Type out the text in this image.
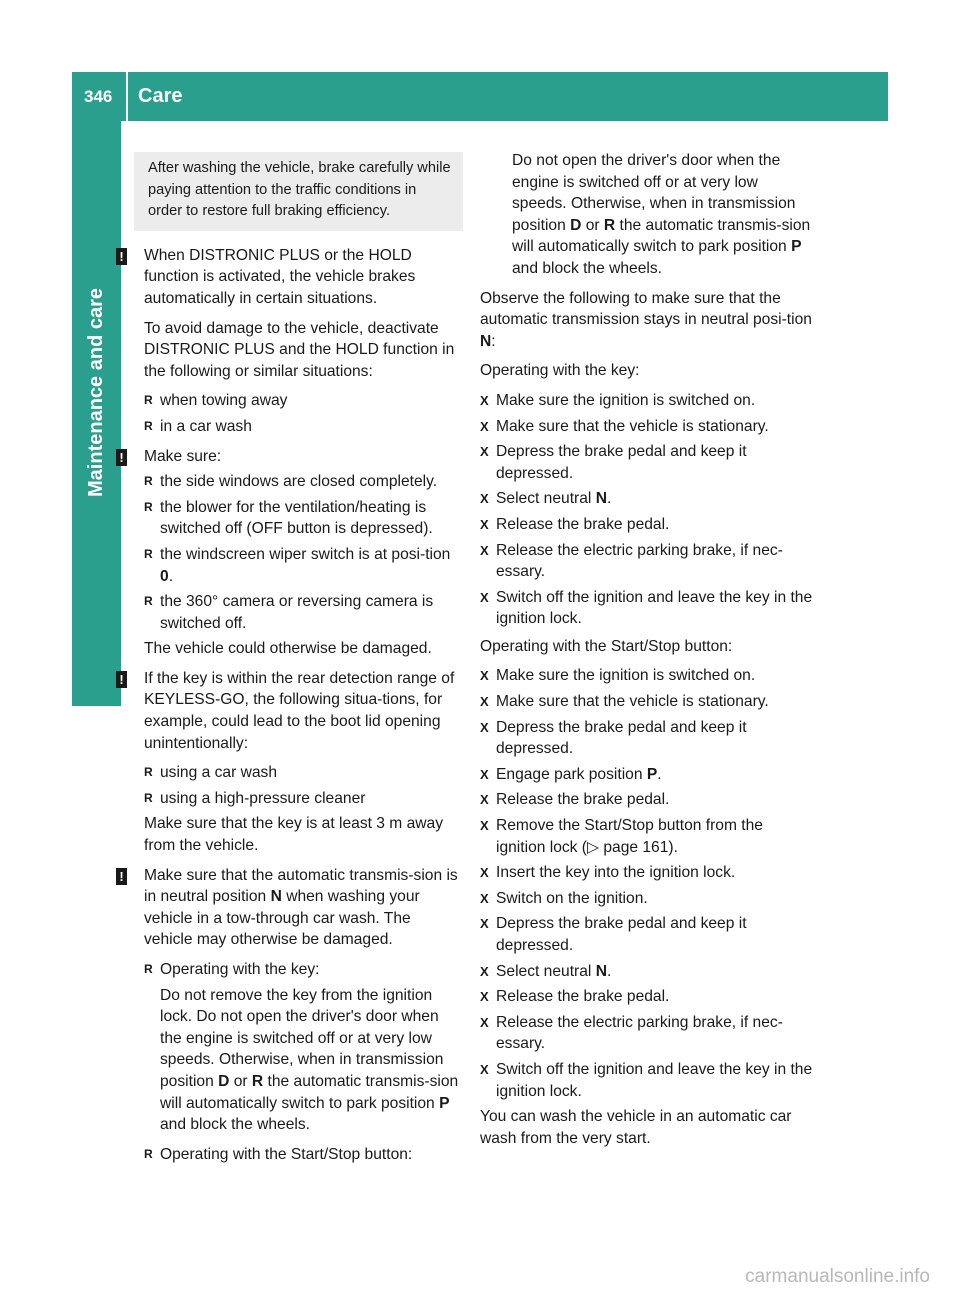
346	Care
Maintenance and care
After washing the vehicle, brake carefully while paying attention to the traffic conditions in order to restore full braking efficiency.
! When DISTRONIC PLUS or the HOLD function is activated, the vehicle brakes automatically in certain situations.

To avoid damage to the vehicle, deactivate DISTRONIC PLUS and the HOLD function in the following or similar situations:

R when towing away
R in a car wash
! Make sure:

R the side windows are closed completely.
R the blower for the ventilation/heating is switched off (OFF button is depressed).
R the windscreen wiper switch is at posi-tion 0.
R the 360° camera or reversing camera is switched off.

The vehicle could otherwise be damaged.

! If the key is within the rear detection range of KEYLESS-GO, the following situa-tions, for example, could lead to the boot lid opening unintentionally:

R using a car wash
R using a high-pressure cleaner

Make sure that the key is at least 3 m away from the vehicle.

! Make sure that the automatic transmis-sion is in neutral position N when washing your vehicle in a tow-through car wash. The vehicle may otherwise be damaged.

R Operating with the key:

Do not remove the key from the ignition lock. Do not open the driver's door when the engine is switched off or at very low speeds. Otherwise, when in transmission position D or R the automatic transmis-sion will automatically switch to park position P and block the wheels.

R Operating with the Start/Stop button:

Do not open the driver's door when the engine is switched off or at very low speeds. Otherwise, when in transmission position D or R the automatic transmis-sion will automatically switch to park position P and block the wheels.

Observe the following to make sure that the automatic transmission stays in neutral posi-tion N:

Operating with the key:

X Make sure the ignition is switched on.
X Make sure that the vehicle is stationary.
X Depress the brake pedal and keep it depressed.
X Select neutral N.
X Release the brake pedal.
X Release the electric parking brake, if nec-essary.
X Switch off the ignition and leave the key in the ignition lock.

Operating with the Start/Stop button:

X Make sure the ignition is switched on.
X Make sure that the vehicle is stationary.
X Depress the brake pedal and keep it depressed.
X Engage park position P.
X Release the brake pedal.
X Remove the Start/Stop button from the ignition lock (▷ page 161).
X Insert the key into the ignition lock.
X Switch on the ignition.
X Depress the brake pedal and keep it depressed.
X Select neutral N.
X Release the brake pedal.
X Release the electric parking brake, if nec-essary.
X Switch off the ignition and leave the key in the ignition lock.

You can wash the vehicle in an automatic car wash from the very start.

carmanualsonline.info
